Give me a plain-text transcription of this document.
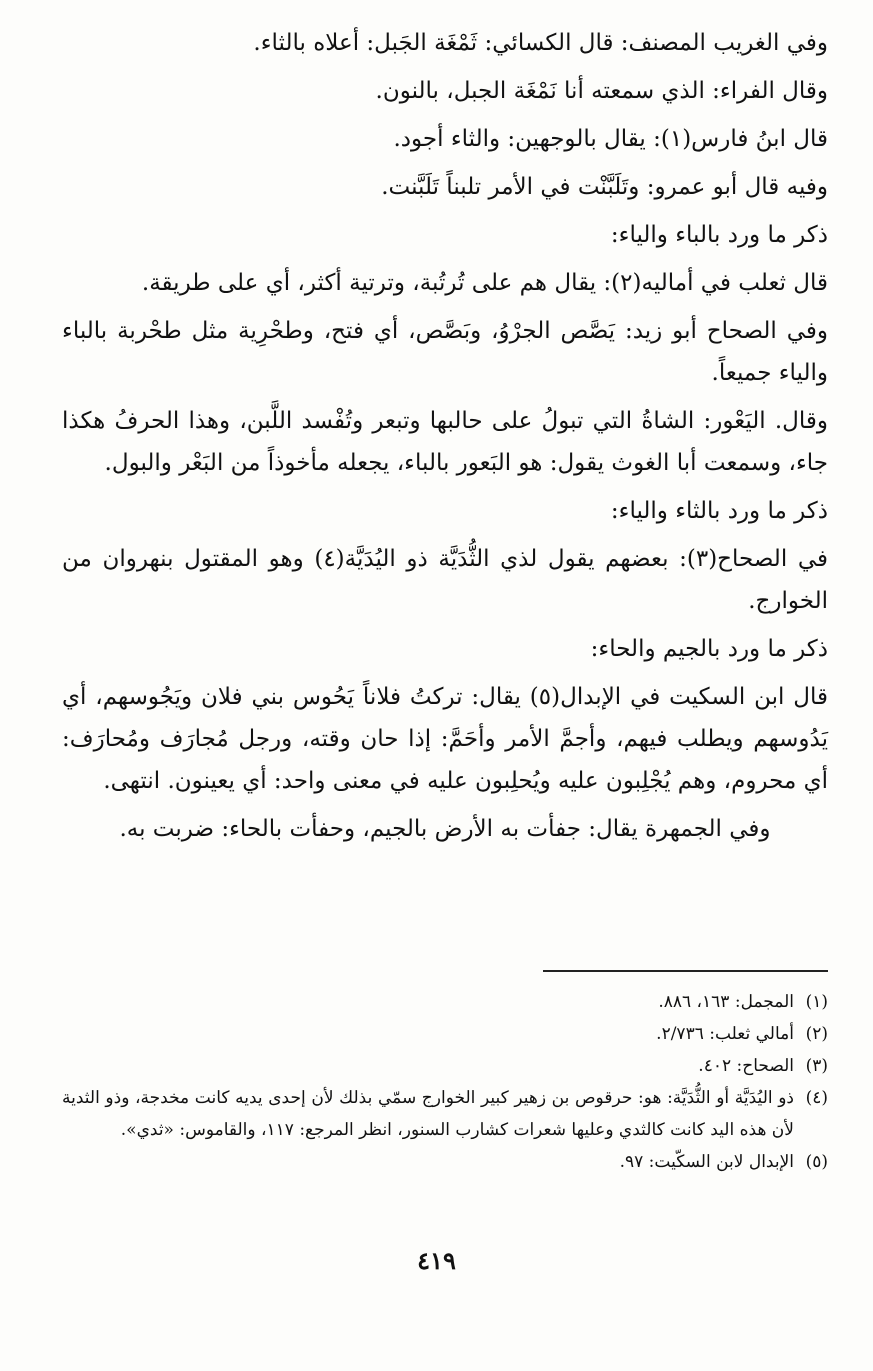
وفي الغريب المصنف: قال الكسائي: ثَمْغَة الجَبل: أعلاه بالثاء.

وقال الفراء: الذي سمعته أنا نَمْغَة الجبل، بالنون.

قال ابنُ فارس(١): يقال بالوجهين: والثاء أجود.

وفيه قال أبو عمرو: وتَلَبَّنْت في الأمر تلبناً تَلَبَّنت.

ذكر ما ورد بالباء والياء:

قال ثعلب في أماليه(٢): يقال هم على تُرتُبة، وترتية أكثر، أي على طريقة.

وفي الصحاح أبو زيد: يَصَّص الجرْوُ، وبَصَّص، أي فتح، وطحْرِية مثل طحْربة بالباء والياء جميعاً.

وقال. اليَعْور: الشاةُ التي تبولُ على حالبها وتبعر وتُفْسد اللَّبن، وهذا الحرفُ هكذا جاء، وسمعت أبا الغوث يقول: هو البَعور بالباء، يجعله مأخوذاً من البَعْر والبول.

ذكر ما ورد بالثاء والياء:

في الصحاح(٣): بعضهم يقول لذي الثُّدَيَّة ذو اليُدَيَّة(٤) وهو المقتول بنهروان من الخوارج.

ذكر ما ورد بالجيم والحاء:

قال ابن السكيت في الإبدال(٥) يقال: تركتُ فلاناً يَحُوس بني فلان ويَجُوسهم، أي يَدُوسهم ويطلب فيهم، وأجمَّ الأمر وأحَمَّ: إذا حان وقته، ورجل مُجارَف ومُحارَف: أي محروم، وهم يُجْلِبون عليه ويُحلِبون عليه في معنى واحد: أي يعينون. انتهى.

وفي الجمهرة يقال: جفأت به الأرض بالجيم، وحفأت بالحاء: ضربت به.

(١)
المجمل: ١٦٣، ٨٨٦.
(٢)
أمالي ثعلب: ٢/٧٣٦.
(٣)
الصحاح: ٤٠٢.
(٤)
ذو اليُدَيَّة أو الثُّدَيَّة: هو: حرقوص بن زهير كبير الخوارج سمّي بذلك لأن إحدى يديه كانت مخدجة، وذو الثدية لأن هذه اليد كانت كالثدي وعليها شعرات كشارب السنور، انظر المرجع: ١١٧، والقاموس: «ثدي».
(٥)
الإبدال لابن السكّيت: ٩٧.
٤١٩
